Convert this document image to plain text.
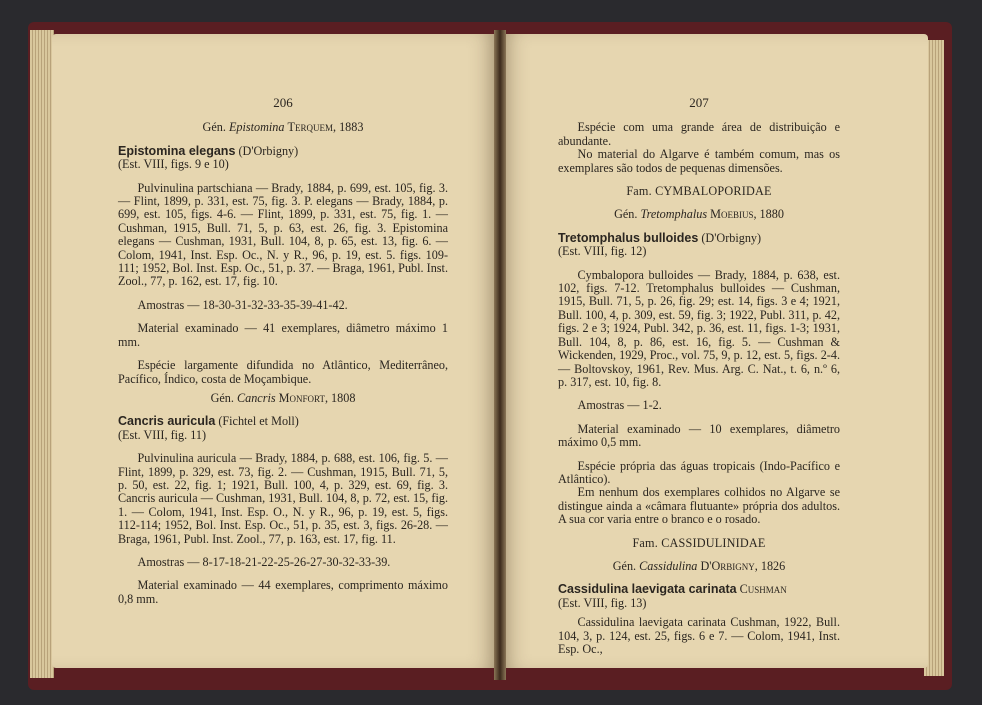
206
Gén. Epistomina Terquem, 1883

Epistomina elegans (D'Orbigny)

(Est. VIII, figs. 9 e 10)

Pulvinulina partschiana — Brady, 1884, p. 699, est. 105, fig. 3. — Flint, 1899, p. 331, est. 75, fig. 3. P. elegans — Brady, 1884, p. 699, est. 105, figs. 4-6. — Flint, 1899, p. 331, est. 75, fig. 1. — Cushman, 1915, Bull. 71, 5, p. 63, est. 26, fig. 3. Epistomina elegans — Cushman, 1931, Bull. 104, 8, p. 65, est. 13, fig. 6. — Colom, 1941, Inst. Esp. Oc., N. y R., 96, p. 19, est. 5. figs. 109-111; 1952, Bol. Inst. Esp. Oc., 51, p. 37. — Braga, 1961, Publ. Inst. Zool., 77, p. 162, est. 17, fig. 10.

Amostras — 18-30-31-32-33-35-39-41-42.

Material examinado — 41 exemplares, diâmetro máximo 1 mm.

Espécie largamente difundida no Atlântico, Mediterrâneo, Pacífico, Índico, costa de Moçambique.

Gén. Cancris Monfort, 1808

Cancris auricula (Fichtel et Moll)

(Est. VIII, fig. 11)

Pulvinulina auricula — Brady, 1884, p. 688, est. 106, fig. 5. — Flint, 1899, p. 329, est. 73, fig. 2. — Cushman, 1915, Bull. 71, 5, p. 50, est. 22, fig. 1; 1921, Bull. 100, 4, p. 329, est. 69, fig. 3. Cancris auricula — Cushman, 1931, Bull. 104, 8, p. 72, est. 15, fig. 1. — Colom, 1941, Inst. Esp. O., N. y R., 96, p. 19, est. 5, figs. 112-114; 1952, Bol. Inst. Esp. Oc., 51, p. 35, est. 3, figs. 26-28. — Braga, 1961, Publ. Inst. Zool., 77, p. 163, est. 17, fig. 11.

Amostras — 8-17-18-21-22-25-26-27-30-32-33-39.

Material examinado — 44 exemplares, comprimento máximo 0,8 mm.

207

Espécie com uma grande área de distribuição e abundante.

No material do Algarve é também comum, mas os exemplares são todos de pequenas dimensões.

Fam. CYMBALOPORIDAE
Gén. Tretomphalus Moebius, 1880

Tretomphalus bulloides (D'Orbigny)

(Est. VIII, fig. 12)

Cymbalopora bulloides — Brady, 1884, p. 638, est. 102, figs. 7-12. Tretomphalus bulloides — Cushman, 1915, Bull. 71, 5, p. 26, fig. 29; est. 14, figs. 3 e 4; 1921, Bull. 100, 4, p. 309, est. 59, fig. 3; 1922, Publ. 311, p. 42, figs. 2 e 3; 1924, Publ. 342, p. 36, est. 11, figs. 1-3; 1931, Bull. 104, 8, p. 86, est. 16, fig. 5. — Cushman & Wickenden, 1929, Proc., vol. 75, 9, p. 12, est. 5, figs. 2-4. — Boltovskoy, 1961, Rev. Mus. Arg. C. Nat., t. 6, n.º 6, p. 317, est. 10, fig. 8.

Amostras — 1-2.

Material examinado — 10 exemplares, diâmetro máximo 0,5 mm.

Espécie própria das águas tropicais (Indo-Pacífico e Atlântico).

Em nenhum dos exemplares colhidos no Algarve se distingue ainda a «câmara flutuante» própria dos adultos. A sua cor varia entre o branco e o rosado.

Fam. CASSIDULINIDAE
Gén. Cassidulina D'Orbigny, 1826

Cassidulina laevigata carinata Cushman

(Est. VIII, fig. 13)

Cassidulina laevigata carinata Cushman, 1922, Bull. 104, 3, p. 124, est. 25, figs. 6 e 7. — Colom, 1941, Inst. Esp. Oc.,
